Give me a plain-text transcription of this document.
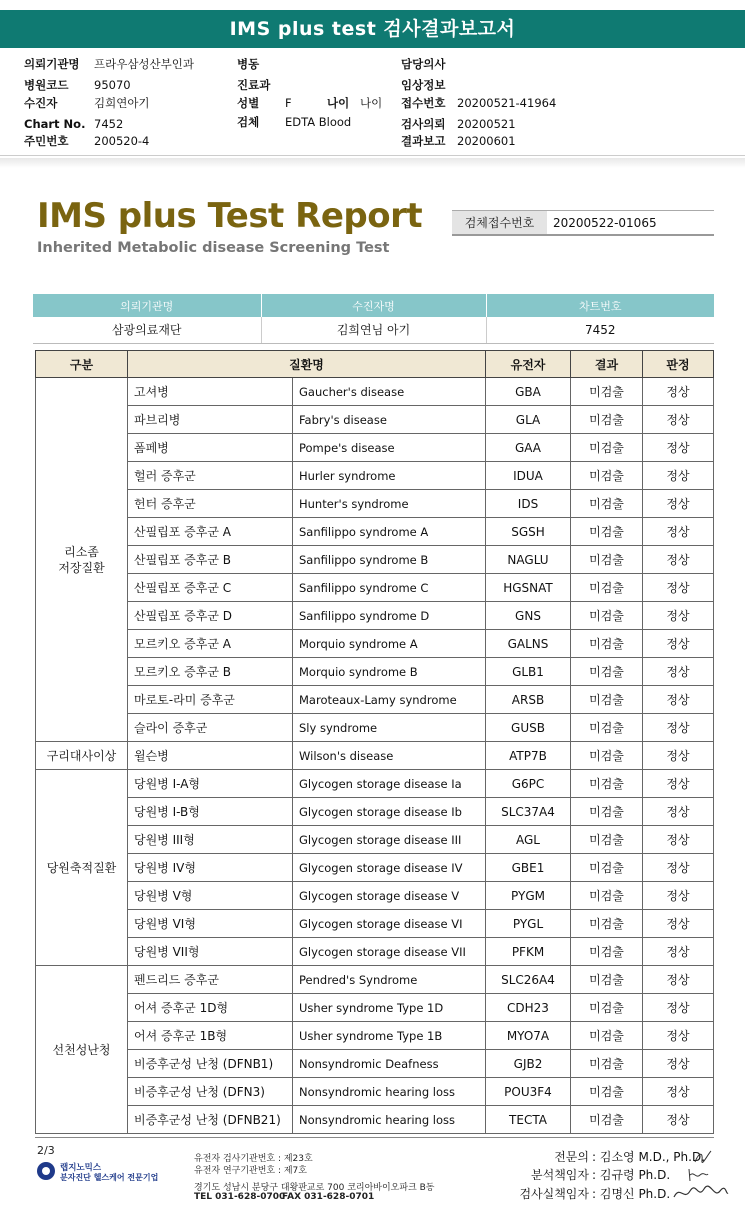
IMS plus test 검사결과보고서
의뢰기관명 프라우삼성산부인과
병원코드 95070
수진자	김희연아기
Chart No. 7452
주민번호 200520-4
병동
진료과
성별 F
검체 EDTA Blood
나이 나이
담당의사
임상정보
접수번호 20200521-41964
검사의뢰 20200521
결과보고 20200601
IMS plus Test Report
Inherited Metabolic disease Screening Test
검체접수번호	20200522-01065
의뢰기관명	수진자명	차트번호
삼광의료재단	김희연님 아기	7452
구분	질환명		유전자	결과	판정

리소좀
저장질환	고셔병	Gaucher's disease	GBA	미검출	정상
	파브리병	Fabry's disease	GLA	미검출	정상
	폼페병	Pompe's disease	GAA	미검출	정상
	헐러 증후군	Hurler syndrome	IDUA	미검출	정상
	헌터 증후군	Hunter's syndrome	IDS	미검출	정상
	산필립포 증후군 A	Sanfilippo syndrome A	SGSH	미검출	정상
	산필립포 증후군 B	Sanfilippo syndrome B	NAGLU	미검출	정상
	산필립포 증후군 C	Sanfilippo syndrome C	HGSNAT	미검출	정상
	산필립포 증후군 D	Sanfilippo syndrome D	GNS	미검출	정상
	모르키오 증후군 A	Morquio syndrome A	GALNS	미검출	정상
	모르키오 증후군 B	Morquio syndrome B	GLB1	미검출	정상
	마로토-라미 증후군	Maroteaux-Lamy syndrome	ARSB	미검출	정상
	슬라이 증후군	Sly syndrome	GUSB	미검출	정상

구리대사이상	윌슨병	Wilson's disease	ATP7B	미검출	정상

당원축적질환	당원병 I-A형	Glycogen storage disease Ia	G6PC	미검출	정상
	당원병 I-B형	Glycogen storage disease Ib	SLC37A4	미검출	정상
	당원병 III형	Glycogen storage disease III	AGL	미검출	정상
	당원병 IV형	Glycogen storage disease IV	GBE1	미검출	정상
	당원병 V형	Glycogen storage disease V	PYGM	미검출	정상
	당원병 VI형	Glycogen storage disease VI	PYGL	미검출	정상
	당원병 VII형	Glycogen storage disease VII	PFKM	미검출	정상

선천성난청	펜드리드 증후군	Pendred's Syndrome	SLC26A4	미검출	정상
	어셔 증후군 1D형	Usher syndrome Type 1D	CDH23	미검출	정상
	어셔 증후군 1B형	Usher syndrome Type 1B	MYO7A	미검출	정상
	비증후군성 난청 (DFNB1)	Nonsyndromic Deafness	GJB2	미검출	정상
	비증후군성 난청 (DFN3)	Nonsyndromic hearing loss	POU3F4	미검출	정상
	비증후군성 난청 (DFNB21)	Nonsyndromic hearing loss	TECTA	미검출	정상
2/3
랩지노믹스
분자진단 헬스케어 전문기업
유전자 검사기관번호 : 제23호
유전자 연구기관번호 : 제7호
경기도 성남시 분당구 대왕판교로 700 코리아바이오파크 B동
TEL 031-628-0700
FAX 031-628-0701
전문의 : 김소영 M.D., Ph.D.
분석책임자 : 김규령 Ph.D.
검사실책임자 : 김명신 Ph.D.
